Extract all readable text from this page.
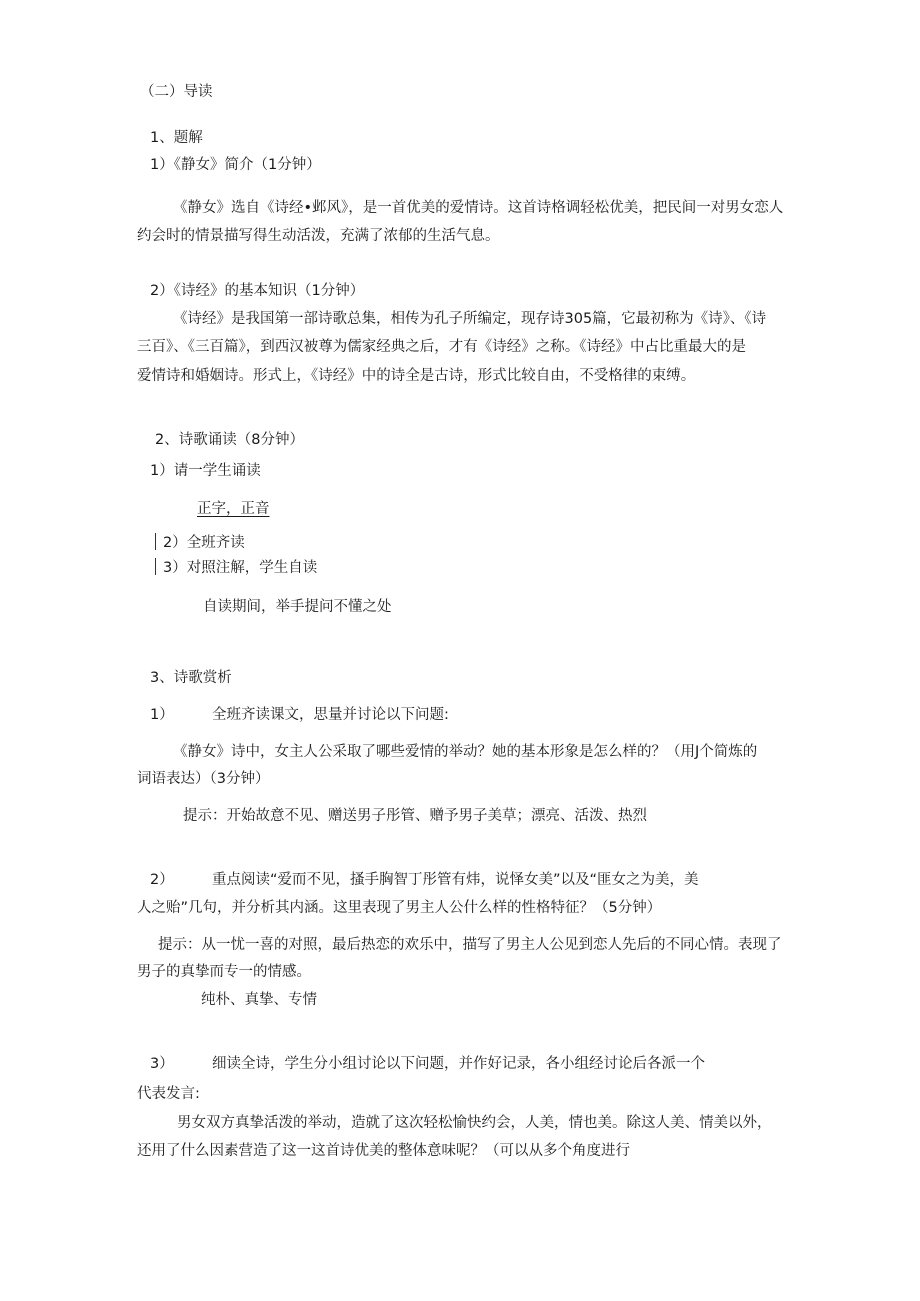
（二）导读
1、题解
1）《静女》简介（1分钟）
《静女》选自《诗经•邺风》，是一首优美的爱情诗。这首诗格调轻松优美，把民间一对男女恋人
约会时的情景描写得生动活泼，充满了浓郁的生活气息。
2）《诗经》的基本知识（1分钟）
《诗经》是我国第一部诗歌总集，相传为孔子所编定，现存诗305篇，它最初称为《诗》、《诗
三百》、《三百篇》，到西汉被尊为儒家经典之后，才有《诗经》之称。《诗经》中占比重最大的是
爱情诗和婚姻诗。形式上，《诗经》中的诗全是古诗，形式比较自由，不受格律的束缚。
2、诗歌诵读（8分钟）
1）请一学生诵读
正字，正音
2）全班齐读
3）对照注解，学生自读
自读期间，举手提问不懂之处
3、诗歌赏析
1）	全班齐读课文，思量并讨论以下问题:
《静女》诗中，女主人公采取了哪些爱情的举动？她的基本形象是怎么样的？（用J个简炼的
词语表达）（3分钟）
提示：开始故意不见、赠送男子彤管、赠予男子美草；漂亮、活泼、热烈
2）	重点阅读“爱而不见，搔手胸智丁彤管有炜，说怿女美”以及“匪女之为美，美
人之贻”几句，并分析其内涵。这里表现了男主人公什么样的性格特征？（5分钟）
提示：从一忧一喜的对照，最后热恋的欢乐中，描写了男主人公见到恋人先后的不同心情。表现了
男子的真挚而专一的情感。
纯朴、真挚、专情
3）	细读全诗，学生分小组讨论以下问题，并作好记录，各小组经讨论后各派一个
代表发言:
男女双方真挚活泼的举动，造就了这次轻松愉快约会，人美，情也美。除这人美、情美以外，
还用了什么因素营造了这一这首诗优美的整体意味呢？（可以从多个角度进行
